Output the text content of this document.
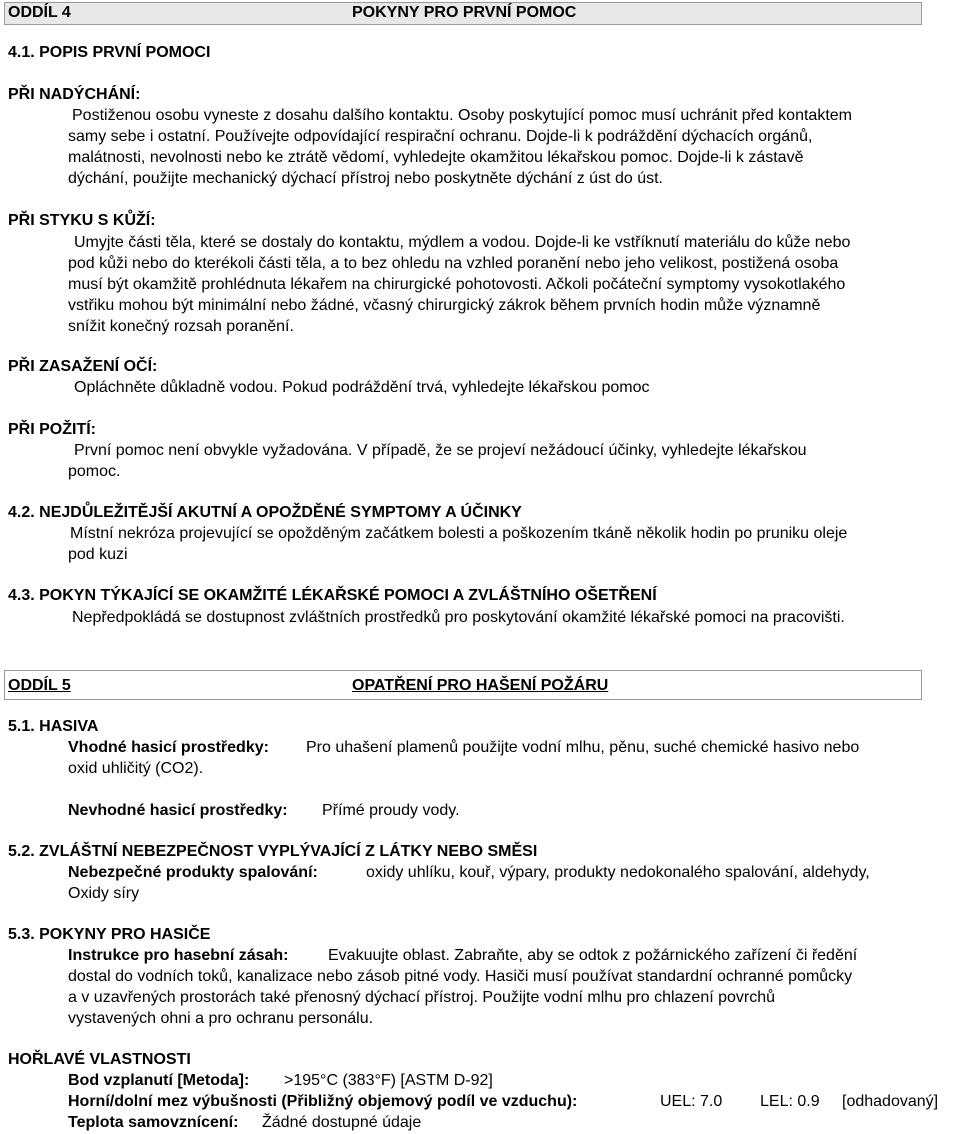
ODDÍL 4	POKYNY PRO PRVNÍ POMOC
4.1. POPIS PRVNÍ POMOCI
PŘI NADÝCHÁNÍ:
Postiženou osobu vyneste z dosahu dalšího kontaktu. Osoby poskytující pomoc musí uchránit před kontaktem
samy sebe i ostatní. Používejte odpovídající respirační ochranu. Dojde-li k podráždění dýchacích orgánů,
malátnosti, nevolnosti nebo ke ztrátě vědomí, vyhledejte okamžitou lékařskou pomoc. Dojde-li k zástavě
dýchání, použijte mechanický dýchací přístroj nebo poskytněte dýchání z úst do úst.
PŘI STYKU S KŮŽÍ:
Umyjte části těla, které se dostaly do kontaktu, mýdlem a vodou. Dojde-li ke vstříknutí materiálu do kůže nebo
pod kůži nebo do kterékoli části těla, a to bez ohledu na vzhled poranění nebo jeho velikost, postižená osoba
musí být okamžitě prohlédnuta lékařem na chirurgické pohotovosti. Ačkoli počáteční symptomy vysokotlakého
vstřiku mohou být minimální nebo žádné, včasný chirurgický zákrok během prvních hodin může významně
snížit konečný rozsah poranění.
PŘI ZASAŽENÍ OČÍ:
Opláchněte důkladně vodou. Pokud podráždění trvá, vyhledejte lékařskou pomoc
PŘI POŽITÍ:
První pomoc není obvykle vyžadována. V případě, že se projeví nežádoucí účinky, vyhledejte lékařskou
pomoc.
4.2. NEJDŮLEŽITĚJŠÍ AKUTNÍ A OPOŽDĚNÉ SYMPTOMY A ÚČINKY
Místní nekróza projevující se opožděným začátkem bolesti a poškozením tkáně několik hodin po pruniku oleje
pod kuzi
4.3. POKYN TÝKAJÍCÍ SE OKAMŽITÉ LÉKAŘSKÉ POMOCI A ZVLÁŠTNÍHO OŠETŘENÍ
Nepředpokládá se dostupnost zvláštních prostředků pro poskytování okamžité lékařské pomoci na pracovišti.
ODDÍL 5	OPATŘENÍ PRO HAŠENÍ POŽÁRU
5.1. HASIVA
Vhodné hasicí prostředky: Pro uhašení plamenů použijte vodní mlhu, pěnu, suché chemické hasivo nebo
oxid uhličitý (CO2).
Nevhodné hasicí prostředky: Přímé proudy vody.
5.2. ZVLÁŠTNÍ NEBEZPEČNOST VYPLÝVAJÍCÍ Z LÁTKY NEBO SMĚSI
Nebezpečné produkty spalování:	oxidy uhlíku, kouř, výpary, produkty nedokonalého spalování, aldehydy,
Oxidy síry
5.3. POKYNY PRO HASIČE
Instrukce pro hasební zásah: Evakuujte oblast. Zabraňte, aby se odtok z požárnického zařízení či ředění
dostal do vodních toků, kanalizace nebo zásob pitné vody. Hasiči musí používat standardní ochranné pomůcky
a v uzavřených prostorách také přenosný dýchací přístroj. Použijte vodní mlhu pro chlazení povrchů
vystavených ohni a pro ochranu personálu.
HOŘLAVÉ VLASTNOSTI
Bod vzplanutí [Metoda]: >195°C (383°F) [ASTM D-92]
Horní/dolní mez výbušnosti (Přibližný objemový podíl ve vzduchu):	UEL: 7.0 LEL: 0.9 [odhadovaný]
Teplota samovznícení: Žádné dostupné údaje
